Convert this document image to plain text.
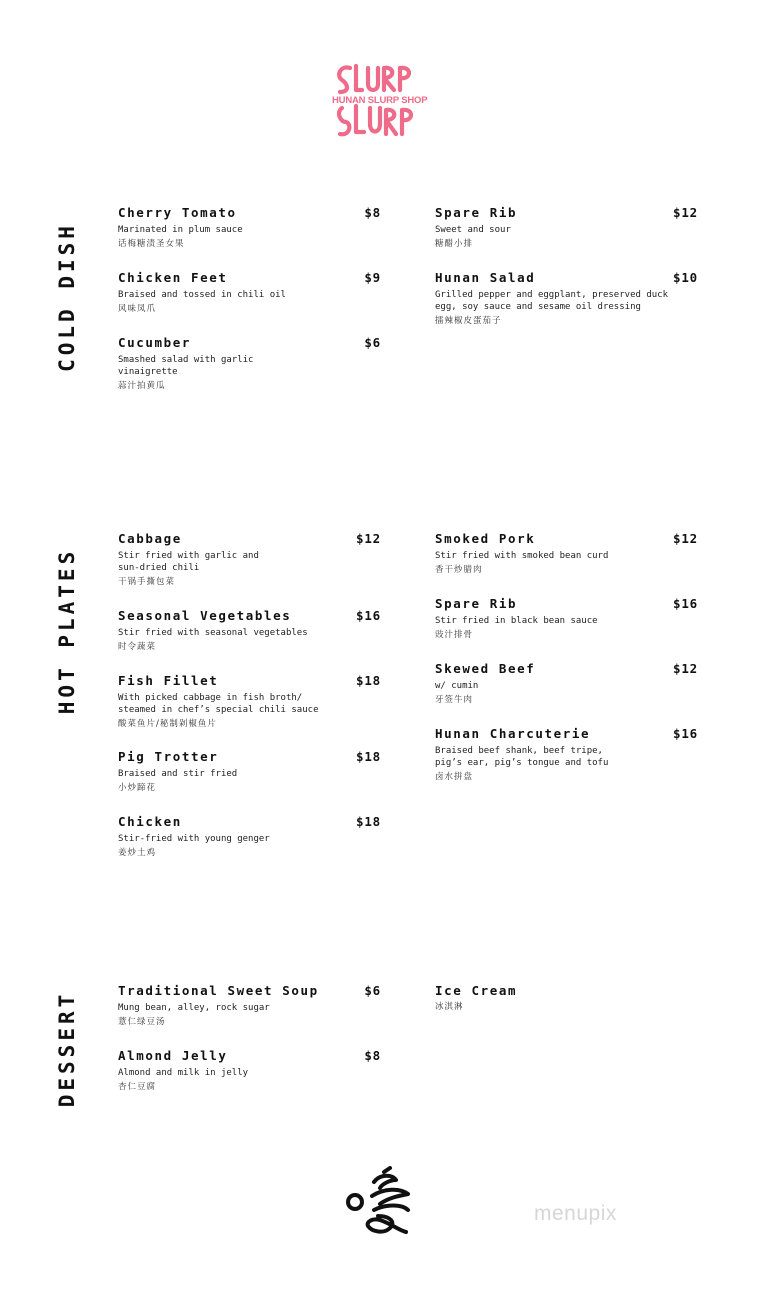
HUNAN SLURP SHOP
COLD DISH
Cherry Tomato	$8
Marinated in plum sauce
话梅糖渍圣女果
Chicken Feet	$9
Braised and tossed in chili oil
风味凤爪
Cucumber	$6
Smashed salad with garlic
vinaigrette
蒜汁拍黄瓜
Spare Rib	$12
Sweet and sour
糖醋小排
Hunan Salad	$10
Grilled pepper and eggplant, preserved duck
egg, soy sauce and sesame oil dressing
擂辣椒皮蛋茄子
HOT PLATES
Cabbage	$12
Stir fried with garlic and
sun-dried chili
干锅手撕包菜
Seasonal Vegetables	$16
Stir fried with seasonal vegetables
时令蔬菜
Fish Fillet	$18
With picked cabbage in fish broth/
steamed in chef’s special chili sauce
酸菜鱼片/秘制剁椒鱼片
Pig Trotter	$18
Braised and stir fried
小炒蹄花
Chicken	$18
Stir-fried with young genger
姜炒土鸡
Smoked Pork	$12
Stir fried with smoked bean curd
香干炒腊肉
Spare Rib	$16
Stir fried in black bean sauce
豉汁排骨
Skewed Beef	$12
w/ cumin
牙签牛肉
Hunan Charcuterie	$16
Braised beef shank, beef tripe,
pig’s ear, pig’s tongue and tofu
卤水拼盘
DESSERT
Traditional Sweet Soup	$6
Mung bean, alley, rock sugar
薏仁绿豆汤
Almond Jelly	$8
Almond and milk in jelly
杏仁豆腐
Ice Cream
冰淇淋
menupix
